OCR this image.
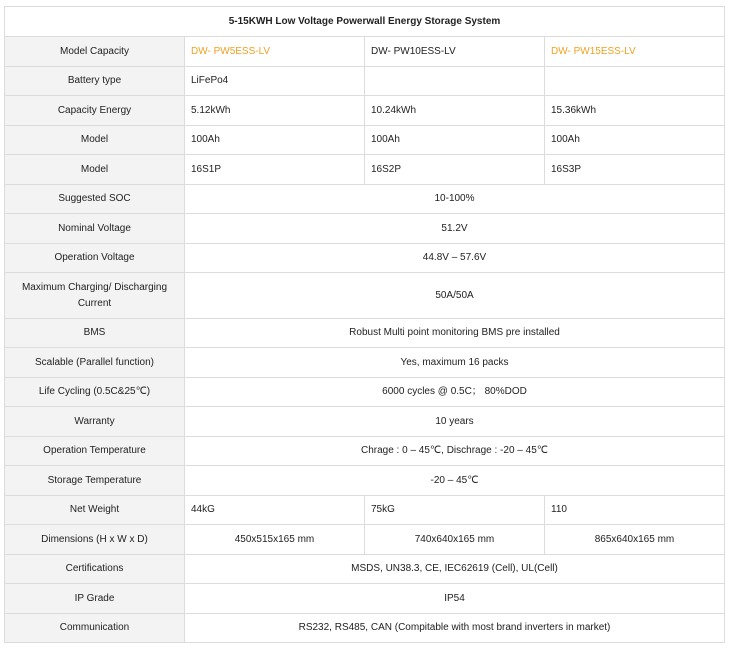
5-15KWH Low Voltage Powerwall Energy Storage System			
Model Capacity	DW- PW5ESS-LV	DW- PW10ESS-LV	DW- PW15ESS-LV
Battery type	LiFePo4		
Capacity Energy	5.12kWh	10.24kWh	15.36kWh
Model	100Ah	100Ah	100Ah
Model	16S1P	16S2P	16S3P
Suggested SOC	10-100%		
Nominal Voltage	51.2V		
Operation Voltage	44.8V – 57.6V		
Maximum Charging/ Discharging Current	50A/50A		
BMS	Robust Multi point monitoring BMS pre installed		
Scalable (Parallel function)	Yes, maximum 16 packs		
Life Cycling (0.5C&25℃)	6000 cycles @ 0.5C； 80%DOD		
Warranty	10 years		
Operation Temperature	Chrage : 0 – 45℃, Dischrage : -20 – 45℃		
Storage Temperature	-20 – 45℃		
Net Weight	44kG	75kG	110
Dimensions (H x W x D)	450x515x165 mm	740x640x165 mm	865x640x165 mm
Certifications	MSDS, UN38.3, CE, IEC62619 (Cell), UL(Cell)		
IP Grade	IP54		
Communication	RS232, RS485, CAN (Compitable with most brand inverters in market)		
